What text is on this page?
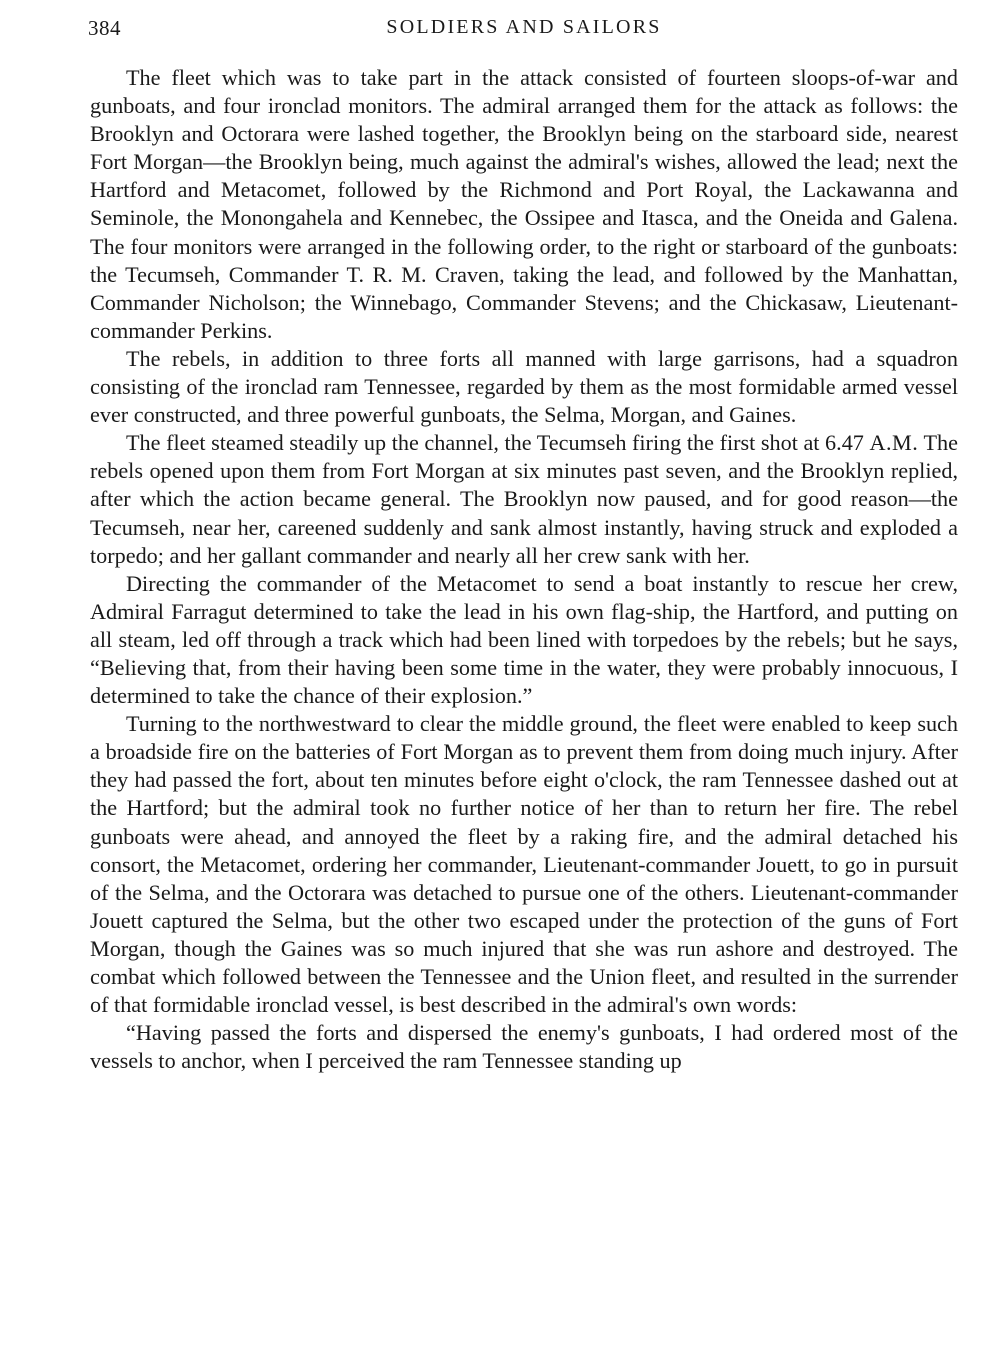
384	SOLDIERS AND SAILORS

The fleet which was to take part in the attack consisted of fourteen sloops-of-war and gunboats, and four ironclad monitors. The admiral arranged them for the attack as follows: the Brooklyn and Octorara were lashed together, the Brooklyn being on the starboard side, nearest Fort Morgan—the Brooklyn being, much against the admiral's wishes, allowed the lead; next the Hartford and Metacomet, followed by the Richmond and Port Royal, the Lackawanna and Seminole, the Monongahela and Kennebec, the Ossipee and Itasca, and the Oneida and Galena. The four monitors were arranged in the following order, to the right or starboard of the gunboats: the Tecumseh, Commander T. R. M. Craven, taking the lead, and followed by the Manhattan, Commander Nicholson; the Winnebago, Commander Stevens; and the Chickasaw, Lieutenant-commander Perkins.

The rebels, in addition to three forts all manned with large garrisons, had a squadron consisting of the ironclad ram Tennessee, regarded by them as the most formidable armed vessel ever constructed, and three powerful gunboats, the Selma, Morgan, and Gaines.

The fleet steamed steadily up the channel, the Tecumseh firing the first shot at 6.47 A.M. The rebels opened upon them from Fort Morgan at six minutes past seven, and the Brooklyn replied, after which the action became general. The Brooklyn now paused, and for good reason—the Tecumseh, near her, careened suddenly and sank almost instantly, having struck and exploded a torpedo; and her gallant commander and nearly all her crew sank with her.

Directing the commander of the Metacomet to send a boat instantly to rescue her crew, Admiral Farragut determined to take the lead in his own flag-ship, the Hartford, and putting on all steam, led off through a track which had been lined with torpedoes by the rebels; but he says, “Believing that, from their having been some time in the water, they were probably innocuous, I determined to take the chance of their explosion.”

Turning to the northwestward to clear the middle ground, the fleet were enabled to keep such a broadside fire on the batteries of Fort Morgan as to prevent them from doing much injury. After they had passed the fort, about ten minutes before eight o'clock, the ram Tennessee dashed out at the Hartford; but the admiral took no further notice of her than to return her fire. The rebel gunboats were ahead, and annoyed the fleet by a raking fire, and the admiral detached his consort, the Metacomet, ordering her commander, Lieutenant-commander Jouett, to go in pursuit of the Selma, and the Octorara was detached to pursue one of the others. Lieutenant-commander Jouett captured the Selma, but the other two escaped under the protection of the guns of Fort Morgan, though the Gaines was so much injured that she was run ashore and destroyed. The combat which followed between the Tennessee and the Union fleet, and resulted in the surrender of that formidable ironclad vessel, is best described in the admiral's own words:

“Having passed the forts and dispersed the enemy's gunboats, I had ordered most of the vessels to anchor, when I perceived the ram Tennessee standing up
